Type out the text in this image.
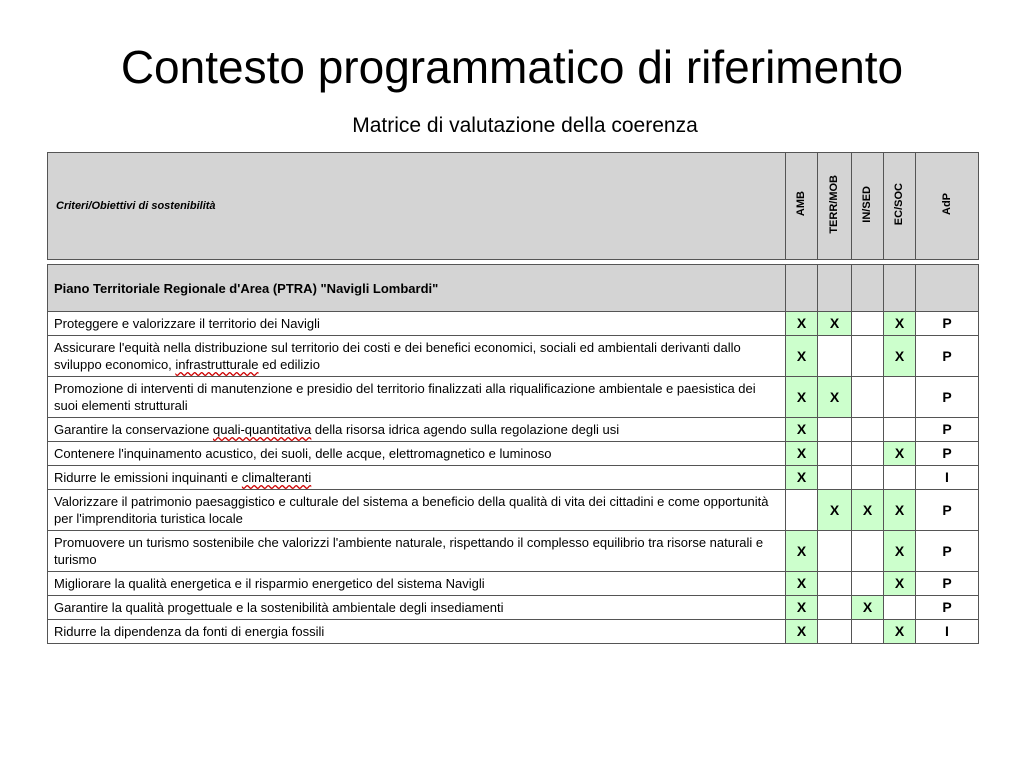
Contesto programmatico di riferimento
Matrice di valutazione della coerenza
Criteri/Obiettivi di sostenibilità	AMB	TERR/MOB	IN/SED	EC/SOC	AdP

Piano Territoriale Regionale d'Area (PTRA) "Navigli Lombardi"					
Proteggere e valorizzare il territorio dei Navigli	X	X		X	P
Assicurare l'equità nella distribuzione sul territorio dei costi e dei benefici economici, sociali ed ambientali derivanti dallo sviluppo economico, infrastrutturale ed edilizio	X			X	P
Promozione di interventi di manutenzione e presidio del territorio finalizzati alla riqualificazione ambientale e paesistica dei suoi elementi strutturali	X	X			P
Garantire la conservazione quali-quantitativa della risorsa idrica agendo sulla regolazione degli usi	X				P
Contenere l'inquinamento acustico, dei suoli, delle acque, elettromagnetico e luminoso	X			X	P
Ridurre le emissioni inquinanti e climalteranti	X				I
Valorizzare il patrimonio paesaggistico e culturale del sistema a beneficio della qualità di vita dei cittadini e come opportunità per l'imprenditoria turistica locale		X	X	X	P
Promuovere un turismo sostenibile che valorizzi l'ambiente naturale, rispettando il complesso equilibrio tra risorse naturali e turismo	X			X	P
Migliorare la qualità energetica e il risparmio energetico del sistema Navigli	X			X	P
Garantire la qualità progettuale e la sostenibilità ambientale degli insediamenti	X		X		P
Ridurre la dipendenza da fonti di energia fossili	X			X	I
